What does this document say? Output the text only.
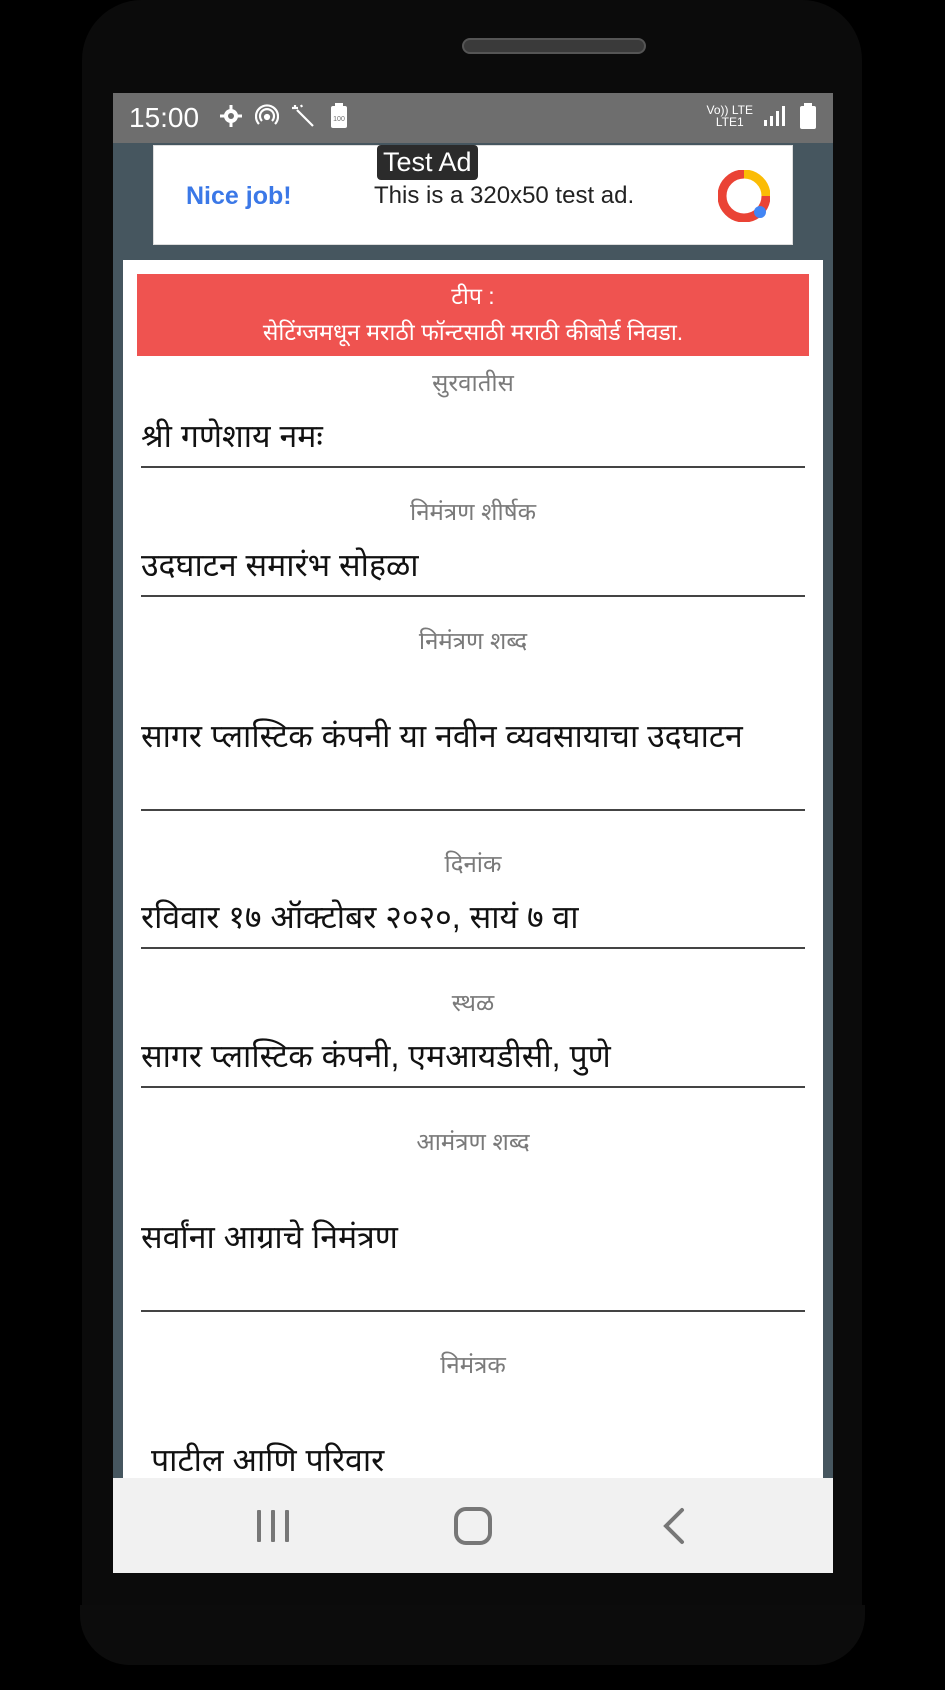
15:00	100
Vo)) LTE
LTE1
Nice job!	This is a 320x50 test ad.
Test Ad
टीप :
सेटिंग्जमधून मराठी फॉन्टसाठी मराठी कीबोर्ड निवडा.
सुरवातीस
श्री गणेशाय नमः
निमंत्रण शीर्षक
उदघाटन समारंभ सोहळा
निमंत्रण शब्द
सागर प्लास्टिक कंपनी या नवीन व्यवसायाचा उदघाटन
दिनांक
रविवार १७ ऑक्टोबर २०२०, सायं ७ वा
स्थळ
सागर प्लास्टिक कंपनी, एमआयडीसी, पुणे
आमंत्रण शब्द
सर्वांना आग्राचे निमंत्रण
निमंत्रक
पाटील आणि परिवार
